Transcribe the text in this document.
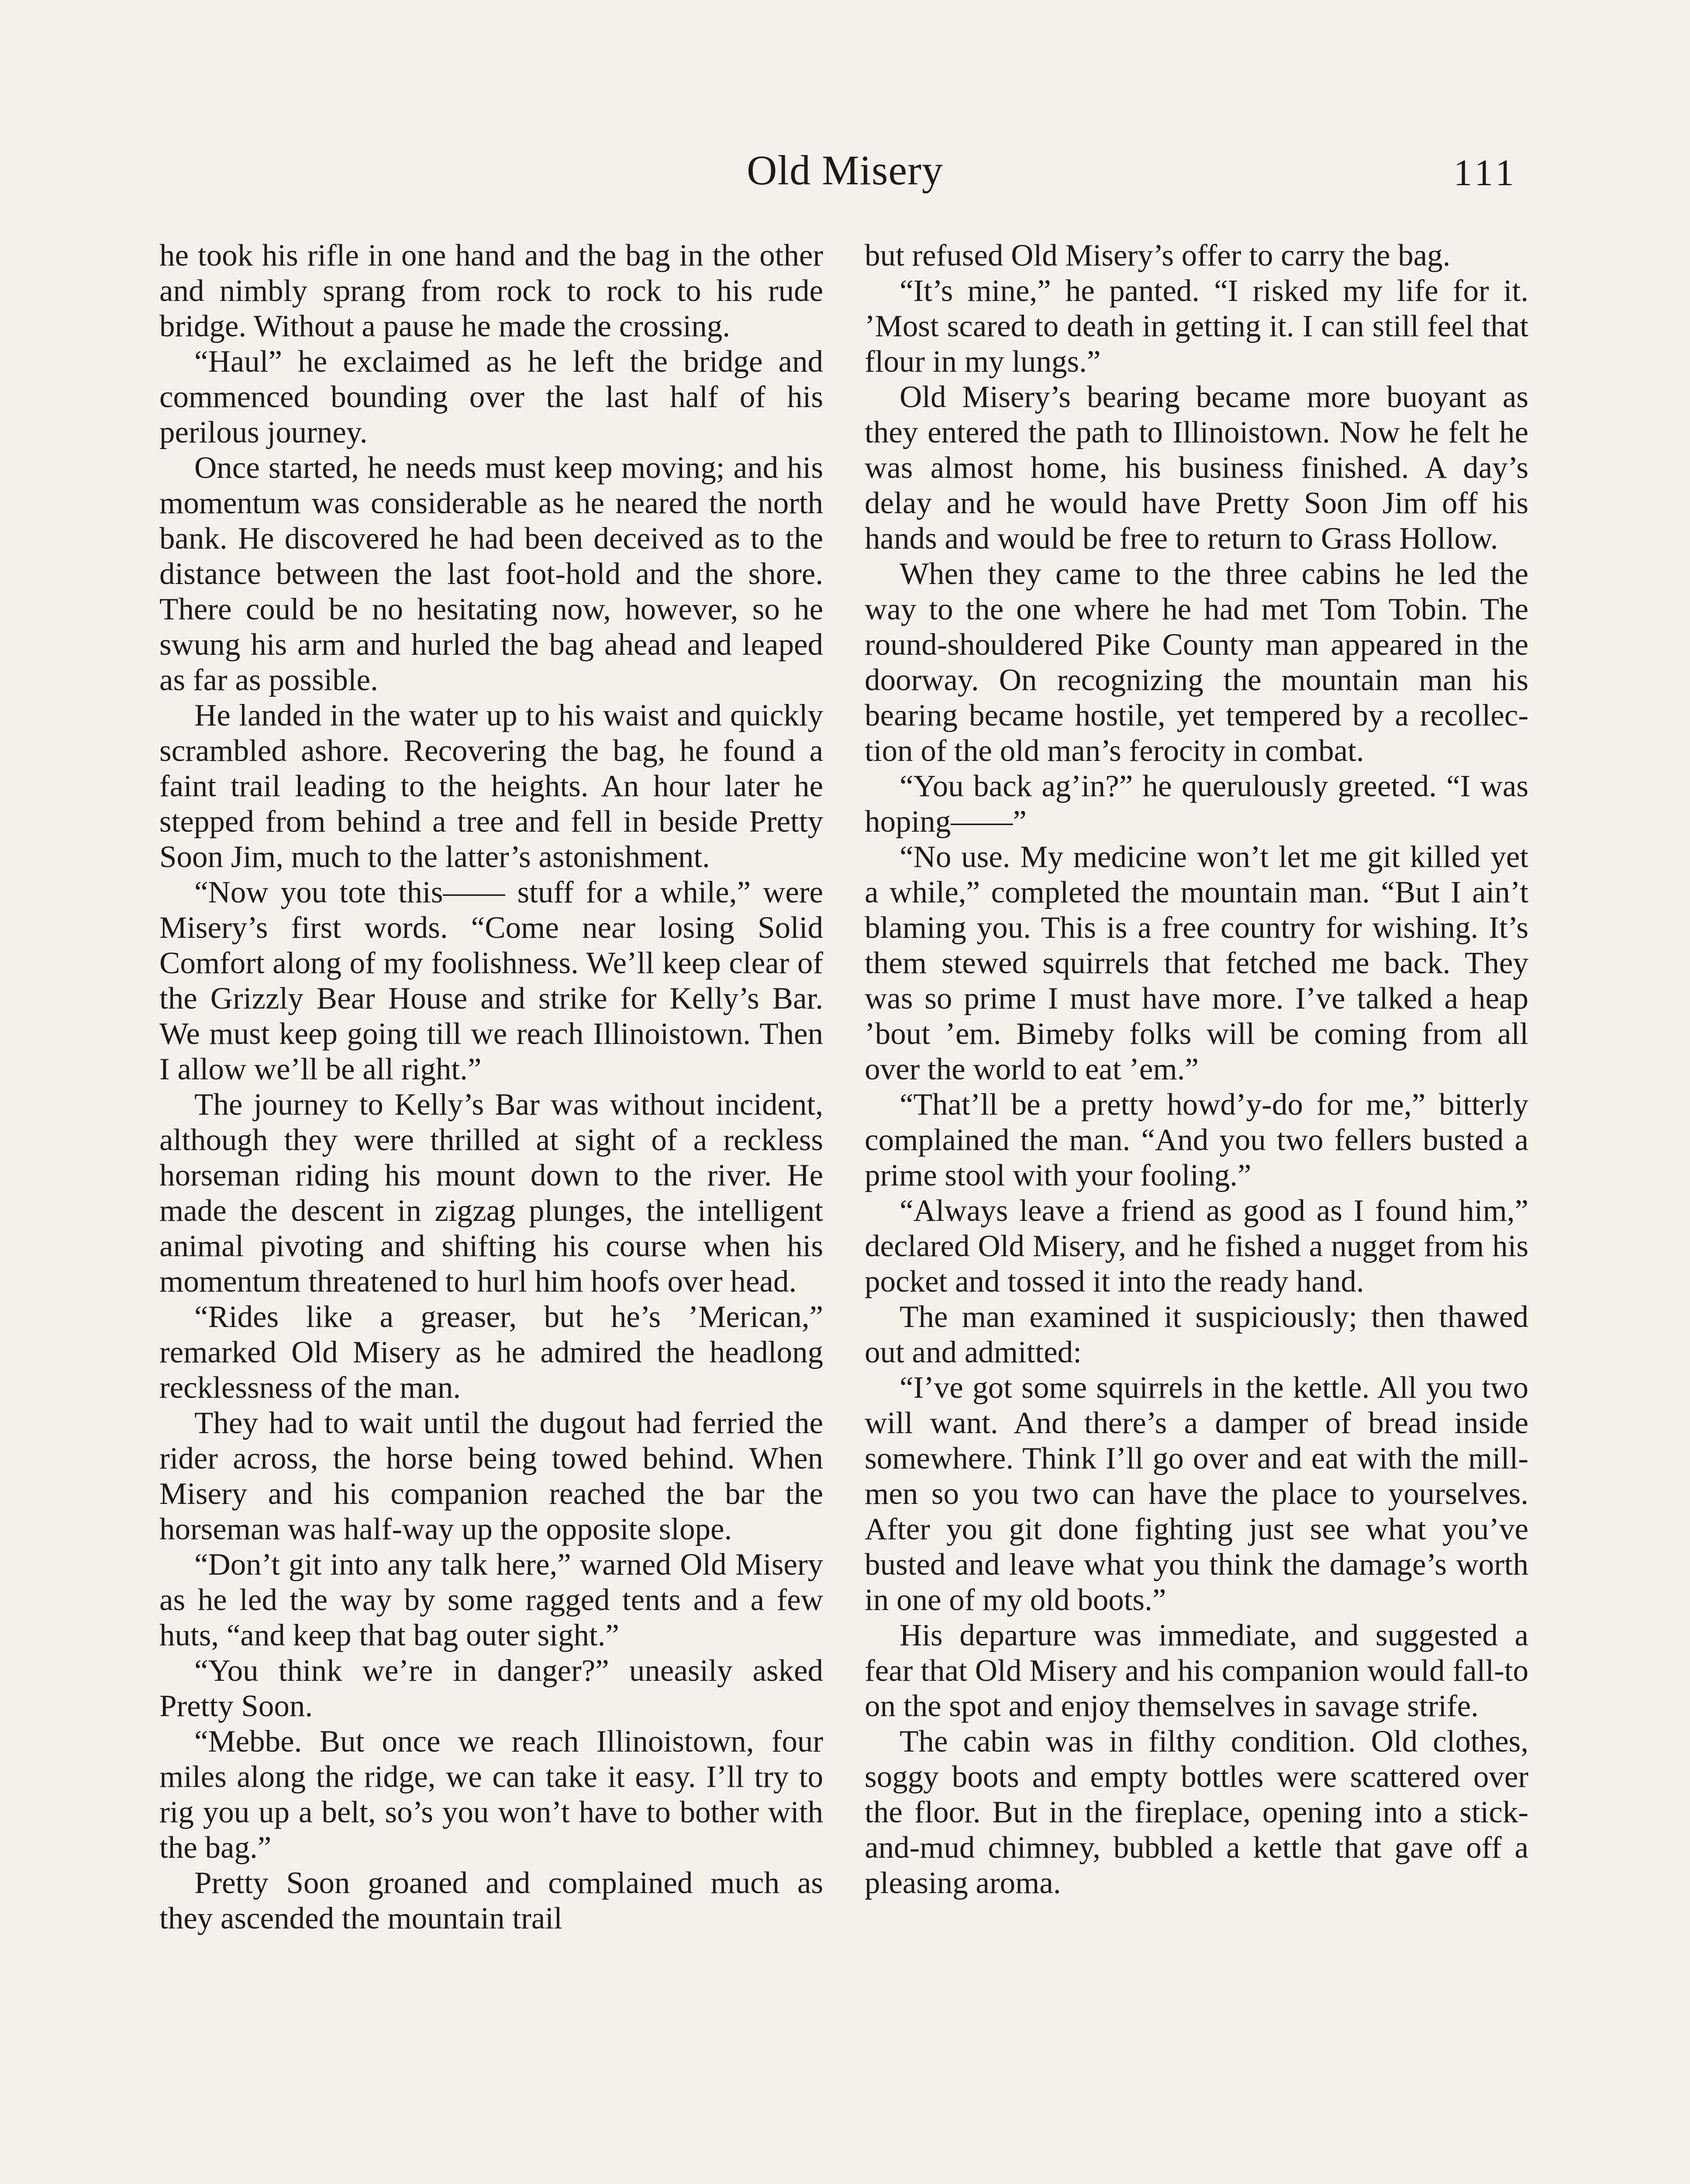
Old Misery	111

he took his rifle in one hand and the bag in the other and nimbly sprang from rock to rock to his rude bridge. Without a pause he made the crossing.

“Haul” he exclaimed as he left the bridge and commenced bounding over the last half of his perilous journey.

Once started, he needs must keep moving; and his momentum was considerable as he neared the north bank. He discovered he had been deceived as to the distance between the last foot-hold and the shore. There could be no hesitating now, however, so he swung his arm and hurled the bag ahead and leaped as far as possible.

He landed in the water up to his waist and quickly scrambled ashore. Recovering the bag, he found a faint trail leading to the heights. An hour later he stepped from behind a tree and fell in beside Pretty Soon Jim, much to the latter’s astonishment.

“Now you tote this—— stuff for a while,” were Misery’s first words. “Come near losing Solid Comfort along of my foolishness. We’ll keep clear of the Grizzly Bear House and strike for Kelly’s Bar. We must keep going till we reach Illinoistown. Then I allow we’ll be all right.”

The journey to Kelly’s Bar was without incident, although they were thrilled at sight of a reckless horseman riding his mount down to the river. He made the descent in zigzag plunges, the intelligent animal pivoting and shifting his course when his momentum threatened to hurl him hoofs over head.

“Rides like a greaser, but he’s ’Merican,” remarked Old Misery as he admired the headlong recklessness of the man.

They had to wait until the dugout had ferried the rider across, the horse being towed behind. When Misery and his companion reached the bar the horseman was half-way up the opposite slope.

“Don’t git into any talk here,” warned Old Misery as he led the way by some ragged tents and a few huts, “and keep that bag outer sight.”

“You think we’re in danger?” uneasily asked Pretty Soon.

“Mebbe. But once we reach Illinoistown, four miles along the ridge, we can take it easy. I’ll try to rig you up a belt, so’s you won’t have to bother with the bag.”

Pretty Soon groaned and complained much as they ascended the mountain trail

but refused Old Misery’s offer to carry the bag.

“It’s mine,” he panted. “I risked my life for it. ’Most scared to death in getting it. I can still feel that flour in my lungs.”

Old Misery’s bearing became more buoyant as they entered the path to Illinoistown. Now he felt he was almost home, his business finished. A day’s delay and he would have Pretty Soon Jim off his hands and would be free to return to Grass Hollow.

When they came to the three cabins he led the way to the one where he had met Tom Tobin. The round-shouldered Pike County man appeared in the doorway. On recognizing the mountain man his bearing became hostile, yet tempered by a recollection of the old man’s ferocity in combat.

“You back ag’in?” he querulously greeted. “I was hoping——”

“No use. My medicine won’t let me git killed yet a while,” completed the mountain man. “But I ain’t blaming you. This is a free country for wishing. It’s them stewed squirrels that fetched me back. They was so prime I must have more. I’ve talked a heap ’bout ’em. Bimeby folks will be coming from all over the world to eat ’em.”

“That’ll be a pretty howd’y-do for me,” bitterly complained the man. “And you two fellers busted a prime stool with your fooling.”

“Always leave a friend as good as I found him,” declared Old Misery, and he fished a nugget from his pocket and tossed it into the ready hand.

The man examined it suspiciously; then thawed out and admitted:

“I’ve got some squirrels in the kettle. All you two will want. And there’s a damper of bread inside somewhere. Think I’ll go over and eat with the mill-men so you two can have the place to yourselves. After you git done fighting just see what you’ve busted and leave what you think the damage’s worth in one of my old boots.”

His departure was immediate, and suggested a fear that Old Misery and his companion would fall-to on the spot and enjoy themselves in savage strife.

The cabin was in filthy condition. Old clothes, soggy boots and empty bottles were scattered over the floor. But in the fireplace, opening into a stick-and-mud chimney, bubbled a kettle that gave off a pleasing aroma.
